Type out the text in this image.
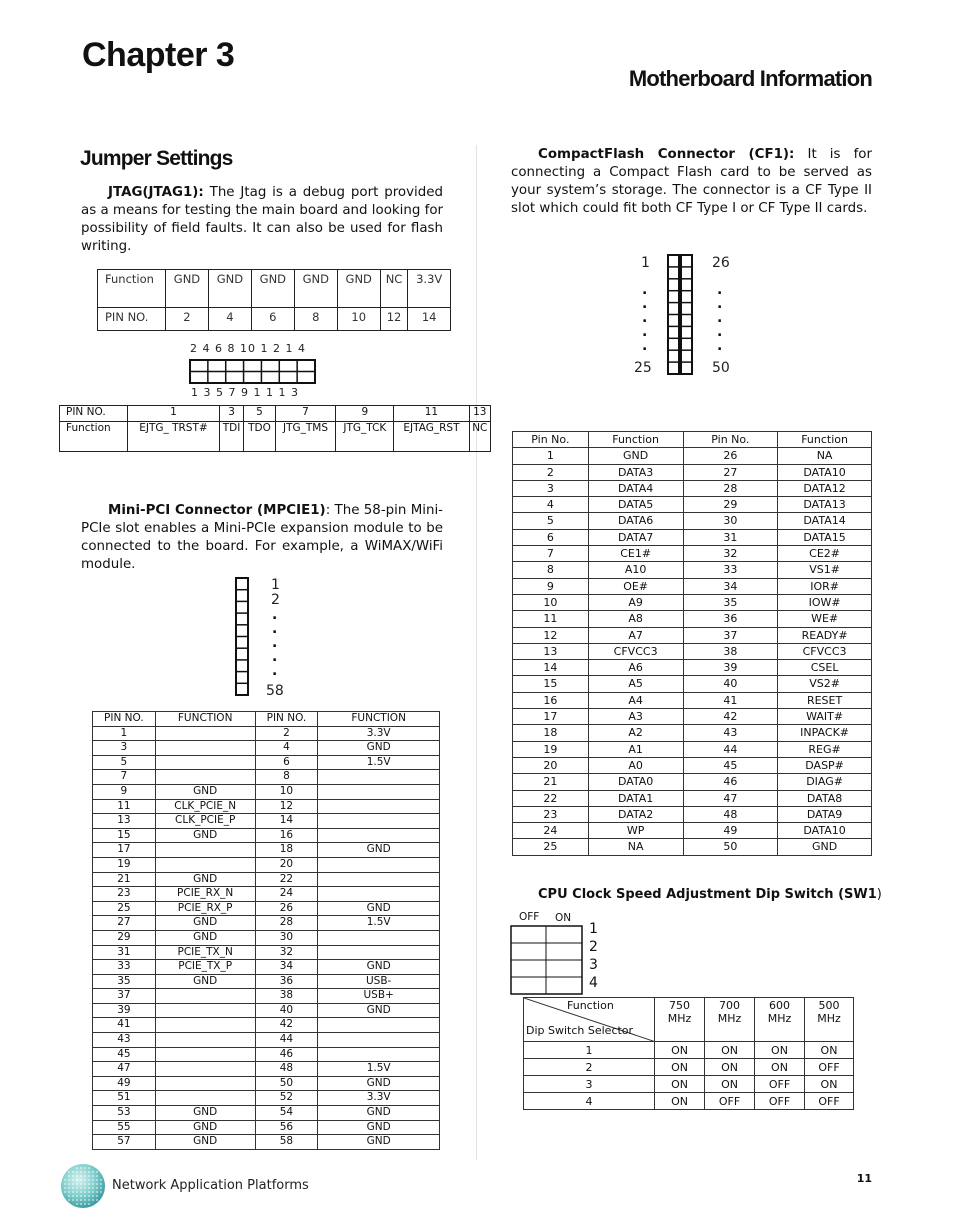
Chapter 3
Motherboard Information
Jumper Settings
JTAG(JTAG1): The Jtag is a debug port provided as a means for testing the main board and looking for possibility of field faults. It can also be used for flash writing.
Function	GND	GND	GND	GND	GND	NC	3.3V
PIN NO.	2	4	6	8	10	12	14
2 4 6 8 10 1 2 1 4
1 3 5 7 9 1 1 1 3
PIN NO.	1	3	5	7	9	11	13
Function	EJTG_ TRST#	TDI	TDO	JTG_TMS	JTG_TCK	EJTAG_RST	NC
Mini-PCI Connector (MPCIE1): The 58-pin Mini-PCIe slot enables a Mini-PCIe expansion module to be connected to the board. For example, a WiMAX/WiFi module.
1
2
.
.
.
.
.
58
PIN NO.	FUNCTION	PIN NO.	FUNCTION
1		2	3.3V
3		4	GND
5		6	1.5V
7		8	
9	GND	10	
11	CLK_PCIE_N	12	
13	CLK_PCIE_P	14	
15	GND	16	
17		18	GND
19		20	
21	GND	22	
23	PCIE_RX_N	24	
25	PCIE_RX_P	26	GND
27	GND	28	1.5V
29	GND	30	
31	PCIE_TX_N	32	
33	PCIE_TX_P	34	GND
35	GND	36	USB-
37		38	USB+
39		40	GND
41		42	
43		44	
45		46	
47		48	1.5V
49		50	GND
51		52	3.3V
53	GND	54	GND
55	GND	56	GND
57	GND	58	GND
CompactFlash Connector (CF1): It is for connecting a Compact Flash card to be served as your system’s storage. The connector is a CF Type II slot which could fit both CF Type I or CF Type II cards.
1	26
.
.
.
.
.
.
.
.
.
.
25	50
Pin No.	Function	Pin No.	Function
1	GND	26	NA
2	DATA3	27	DATA10
3	DATA4	28	DATA12
4	DATA5	29	DATA13
5	DATA6	30	DATA14
6	DATA7	31	DATA15
7	CE1#	32	CE2#
8	A10	33	VS1#
9	OE#	34	IOR#
10	A9	35	IOW#
11	A8	36	WE#
12	A7	37	READY#
13	CFVCC3	38	CFVCC3
14	A6	39	CSEL
15	A5	40	VS2#
16	A4	41	RESET
17	A3	42	WAIT#
18	A2	43	INPACK#
19	A1	44	REG#
20	A0	45	DASP#
21	DATA0	46	DIAG#
22	DATA1	47	DATA8
23	DATA2	48	DATA9
24	WP	49	DATA10
25	NA	50	GND
CPU Clock Speed Adjustment Dip Switch (SW1)
OFF ON
1
2
3
4
Function
Dip Switch Selector	750 MHz	700 MHz	600 MHz	500 MHz
1	ON	ON	ON	ON
2	ON	ON	ON	OFF
3	ON	ON	OFF	ON
4	ON	OFF	OFF	OFF
Network Application Platforms	11
